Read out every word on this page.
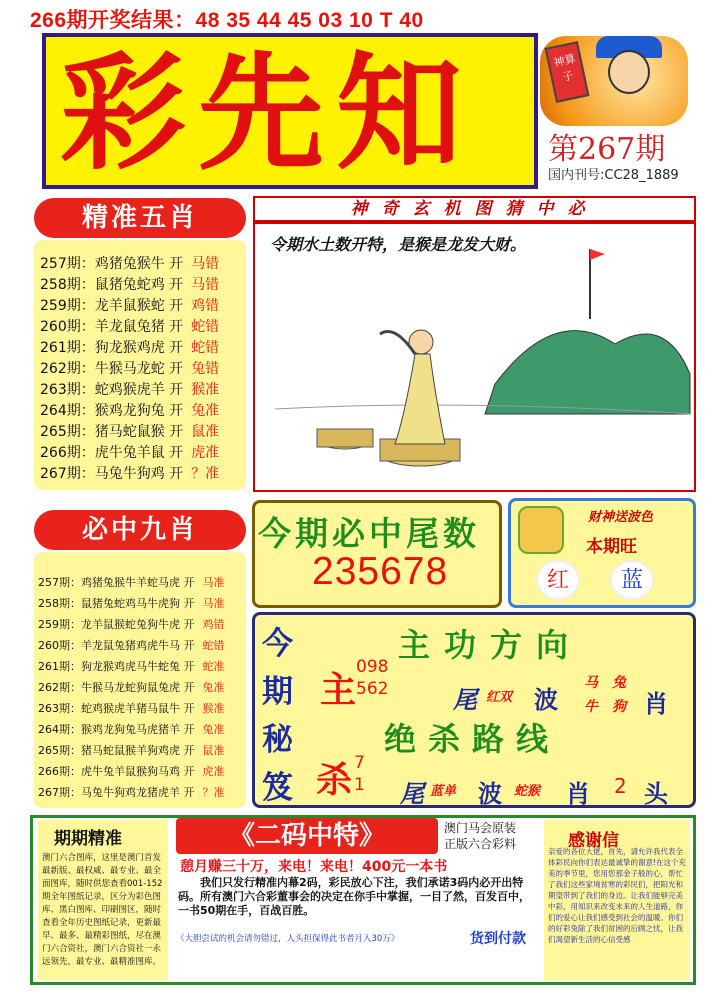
266期开奖结果：48 35 44 45 03 10 T 40
彩先知	神算子
第267期
国内刊号:CC28_1889
精准五肖
257期： 鸡猪兔猴牛 开 马错
258期： 鼠猪兔蛇鸡 开 马错
259期： 龙羊鼠猴蛇 开 鸡错
260期： 羊龙鼠兔猪 开 蛇错
261期： 狗龙猴鸡虎 开 蛇错
262期： 牛猴马龙蛇 开 兔错
263期： 蛇鸡猴虎羊 开 猴准
264期： 猴鸡龙狗兔 开 兔准
265期： 猪马蛇鼠猴 开 鼠准
266期： 虎牛兔羊鼠 开 虎准
267期： 马兔牛狗鸡 开 ？准
必中九肖
257期： 鸡猪兔猴牛羊蛇马虎 开 马准
258期： 鼠猪兔蛇鸡马牛虎狗 开 马准
259期： 龙羊鼠猴蛇兔狗牛虎 开 鸡错
260期： 羊龙鼠兔猪鸡虎牛马 开 蛇错
261期： 狗龙猴鸡虎马牛蛇兔 开 蛇准
262期： 牛猴马龙蛇狗鼠兔虎 开 兔准
263期： 蛇鸡猴虎羊猪马鼠牛 开 猴准
264期： 猴鸡龙狗兔马虎猪羊 开 兔准
265期： 猪马蛇鼠猴羊狗鸡虎 开 鼠准
266期： 虎牛兔羊鼠猴狗马鸡 开 虎准
267期： 马兔牛狗鸡龙猪虎羊 开 ？准
神奇玄机图猜中必
令期水土数开特，是猴是龙发大财。
今期必中尾数
235678
财神送波色
本期旺
红	蓝
今
期
秘
笈
主功方向
主
098
562	尾 红双 波
马兔
牛狗 肖
绝杀路线
杀 7
1 尾 蓝单 波 蛇猴 肖 2 头
期期精准
澳门六合图库，这里是澳门首发最新版、最权威、最专业、最全面图库，随时供您查看001-152期全年图纸记录，区分为彩色图库、黑白图库、印刷图区，随时查看全年历史图纸记录，更新最早、最多、最精彩图纸，尽在澳门六合资社，澳门六合资社一永远领先，最专业、最精准图库。
《二码中特》	澳门马会原装
正版六合彩料
憩月赚三十万，来电！来电！400元一本书
我们只发行精准内幕2码，彩民放心下注，我们承诺3码内必开出特码。所有澳门六合彩董事会的决定在你手中掌握，一目了然，百发百中，一书50期在手，百战百胜。
《大胆尝试的机会请勿错过，人头担保得此书者月入30万》	货到付款
感谢信
亲爱的各位大佬，首先，请允许我代表全体彩民向你们表达最诚挚的谢意!在这个充美的季节里，您用您那金子般的心，帮忙了我们这些家境贫寒的彩民们，把阳光和期望带到了我们的身边。让我们能够完美中彩，用知识来改变未来的人生道路，你们的爱心让我们感受到社会的温暖。你们的好彩兔除了我们贫困的后顾之忧，让我们渴望新生活的心信受感
